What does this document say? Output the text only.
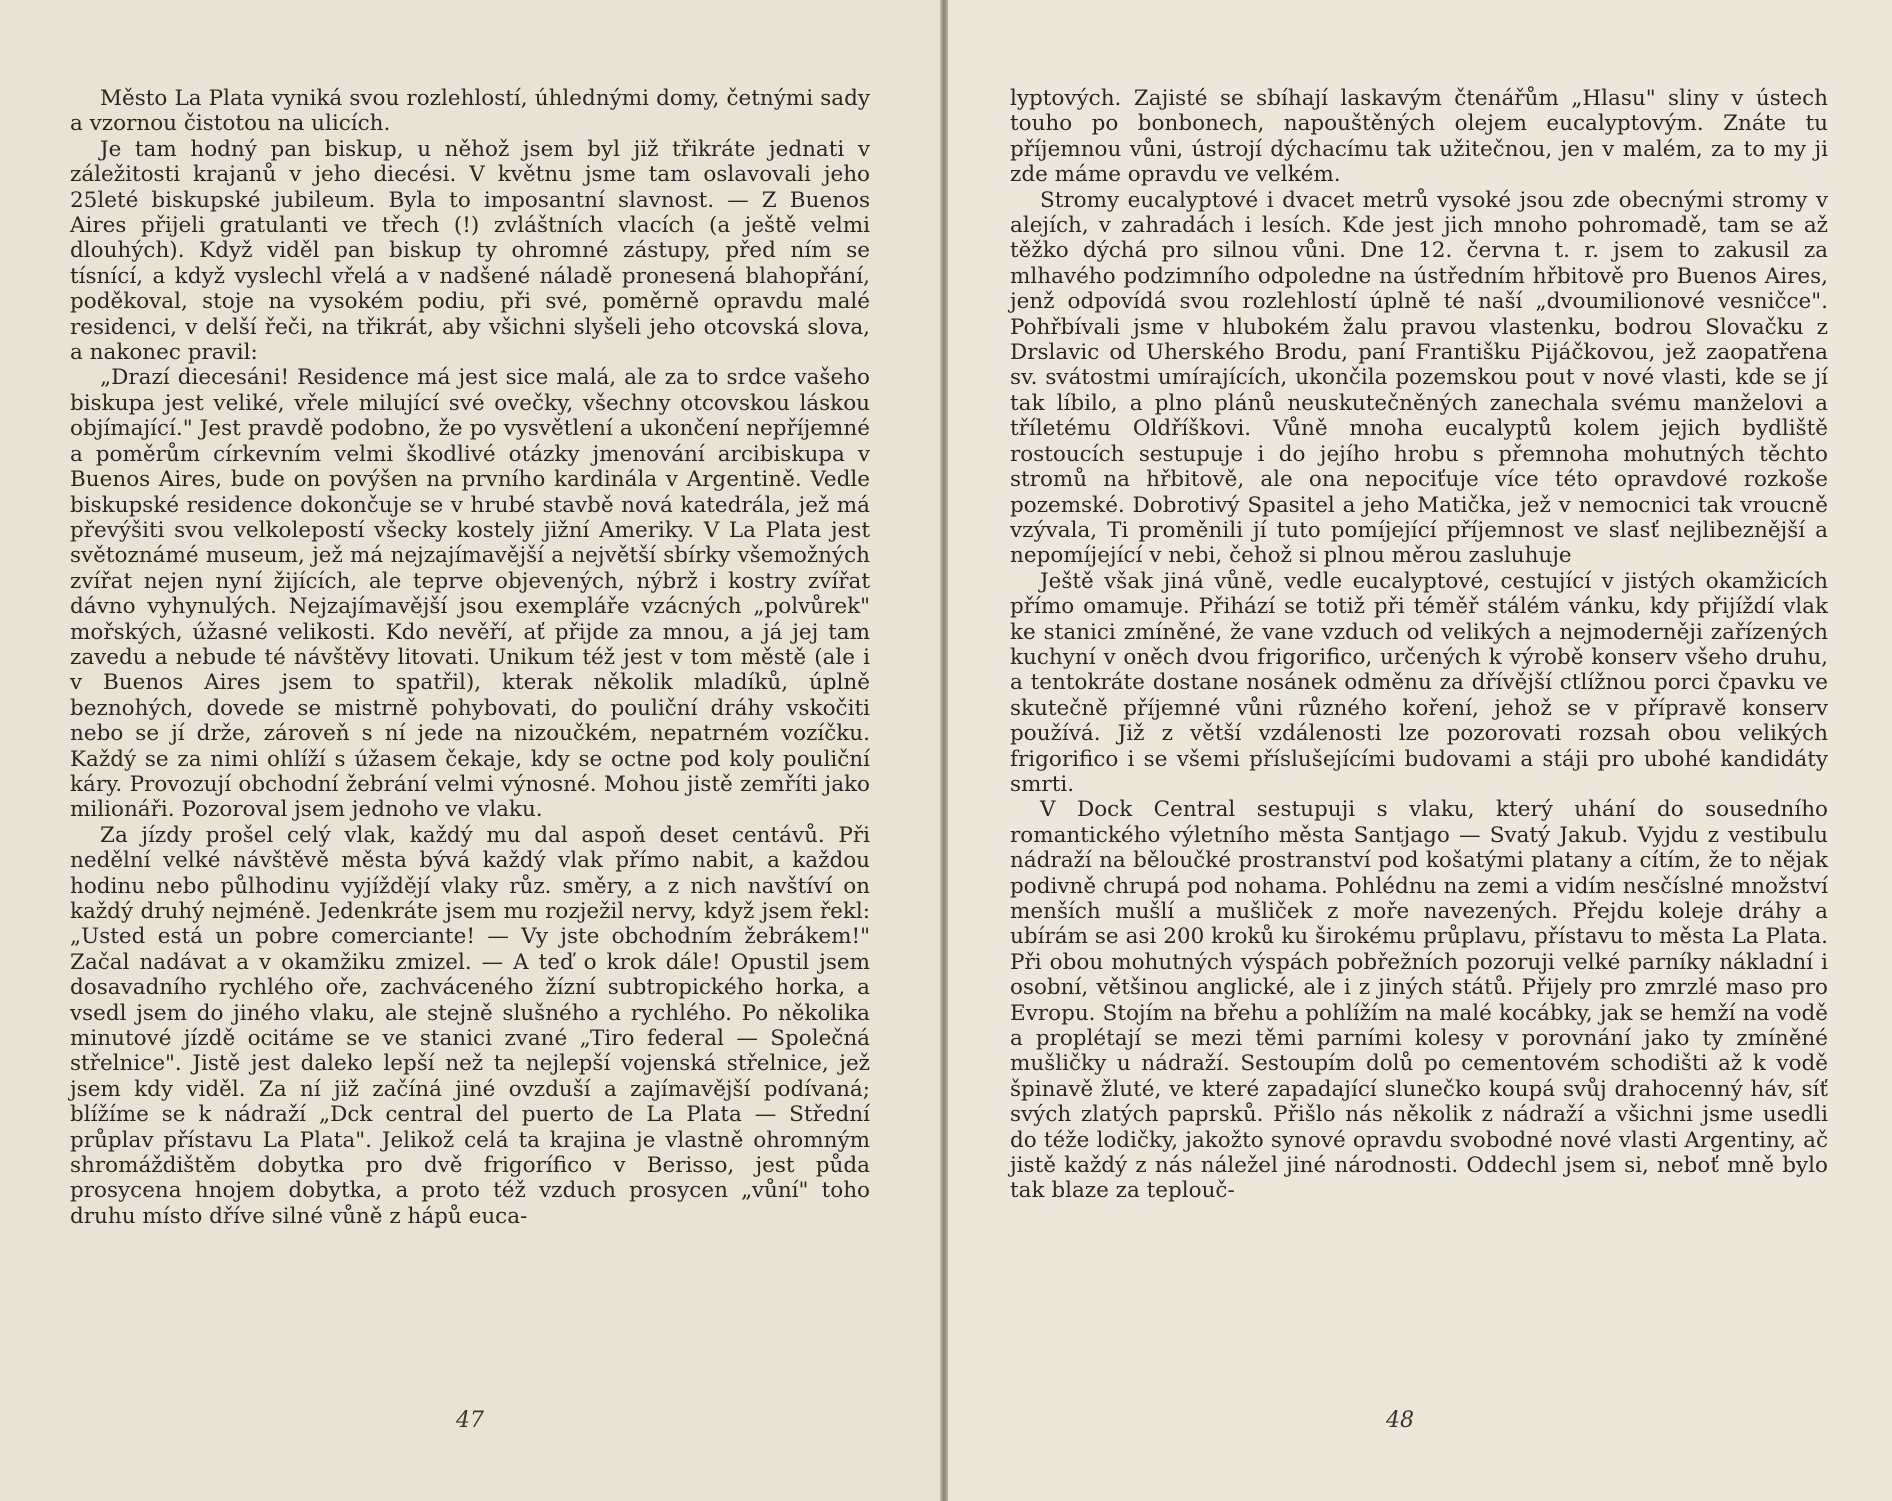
Město La Plata vyniká svou rozlehlostí, úhlednými domy, četnými sady a vzornou čistotou na ulicích.

Je tam hodný pan biskup, u něhož jsem byl již třikráte jednati v záležitosti krajanů v jeho diecési. V květnu jsme tam oslavovali jeho 25leté biskupské jubileum. Byla to imposantní slavnost. — Z Buenos Aires přijeli gratulanti ve třech (!) zvláštních vlacích (a ještě velmi dlouhých). Když viděl pan biskup ty ohromné zástupy, před ním se tísnící, a když vyslechl vřelá a v nadšené náladě pronesená blahopřání, poděkoval, stoje na vysokém podiu, při své, poměrně opravdu malé residenci, v delší řeči, na třikrát, aby všichni slyšeli jeho otcovská slova, a nakonec pravil:

„Drazí diecesáni! Residence má jest sice malá, ale za to srdce vašeho biskupa jest veliké, vřele milující své ovečky, všechny otcovskou láskou objímající." Jest pravdě podobno, že po vysvětlení a ukončení nepříjemné a poměrům církevním velmi škodlivé otázky jmenování arcibiskupa v Buenos Aires, bude on povýšen na prvního kardinála v Argentině. Vedle biskupské residence dokončuje se v hrubé stavbě nová katedrála, jež má převýšiti svou velkolepostí všecky kostely jižní Ameriky. V La Plata jest světoznámé museum, jež má nejzajímavější a největší sbírky všemožných zvířat nejen nyní žijících, ale teprve objevených, nýbrž i kostry zvířat dávno vyhynulých. Nejzajímavější jsou exempláře vzácných „polvůrek" mořských, úžasné velikosti. Kdo nevěří, ať přijde za mnou, a já jej tam zavedu a nebude té návštěvy litovati. Unikum též jest v tom městě (ale i v Buenos Aires jsem to spatřil), kterak několik mladíků, úplně beznohých, dovede se mistrně pohybovati, do pouliční dráhy vskočiti nebo se jí drže, zároveň s ní jede na nizoučkém, nepatrném vozíčku. Každý se za nimi ohlíží s úžasem čekaje, kdy se octne pod koly pouliční káry. Provozují obchodní žebrání velmi výnosné. Mohou jistě zemříti jako milionáři. Pozoroval jsem jednoho ve vlaku.

Za jízdy prošel celý vlak, každý mu dal aspoň deset centávů. Při nedělní velké návštěvě města bývá každý vlak přímo nabit, a každou hodinu nebo půlhodinu vyjíždějí vlaky růz. směry, a z nich navštíví on každý druhý nejméně. Jedenkráte jsem mu rozježil nervy, když jsem řekl: „Usted está un pobre comerciante! — Vy jste obchodním žebrákem!" Začal nadávat a v okamžiku zmizel. — A teď o krok dále! Opustil jsem dosavadního rychlého oře, zachváceného žízní subtropického horka, a vsedl jsem do jiného vlaku, ale stejně slušného a rychlého. Po několika minutové jízdě ocitáme se ve stanici zvané „Tiro federal — Společná střelnice". Jistě jest daleko lepší než ta nejlepší vojenská střelnice, jež jsem kdy viděl. Za ní již začíná jiné ovzduší a zajímavější podívaná; blížíme se k nádraží „Dck central del puerto de La Plata — Střední průplav přístavu La Plata". Jelikož celá ta krajina je vlastně ohromným shromáždištěm dobytka pro dvě frigorífico v Berisso, jest půda prosycena hnojem dobytka, a proto též vzduch prosycen „vůní" toho druhu místo dříve silné vůně z hápů euca-

47

lyptových. Zajisté se sbíhají laskavým čtenářům „Hlasu" sliny v ústech touho po bonbonech, napouštěných olejem eucalyptovým. Znáte tu příjemnou vůni, ústrojí dýchacímu tak užitečnou, jen v malém, za to my ji zde máme opravdu ve velkém.

Stromy eucalyptové i dvacet metrů vysoké jsou zde obecnými stromy v alejích, v zahradách i lesích. Kde jest jich mnoho pohromadě, tam se až těžko dýchá pro silnou vůni. Dne 12. června t. r. jsem to zakusil za mlhavého podzimního odpoledne na ústředním hřbitově pro Buenos Aires, jenž odpovídá svou rozlehlostí úplně té naší „dvoumilionové vesničce". Pohřbívali jsme v hlubokém žalu pravou vlastenku, bodrou Slovačku z Drslavic od Uherského Brodu, paní Františku Pijáčkovou, jež zaopatřena sv. svátostmi umírajících, ukončila pozemskou pout v nové vlasti, kde se jí tak líbilo, a plno plánů neuskutečněných zanechala svému manželovi a tříletému Oldříškovi. Vůně mnoha eucalyptů kolem jejich bydliště rostoucích sestupuje i do jejího hrobu s přemnoha mohutných těchto stromů na hřbitově, ale ona nepociťuje více této opravdové rozkoše pozemské. Dobrotivý Spasitel a jeho Matička, jež v nemocnici tak vroucně vzývala, Ti proměnili jí tuto pomíjející příjemnost ve slasť nejlibeznější a nepomíjející v nebi, čehož si plnou měrou zasluhuje

Ještě však jiná vůně, vedle eucalyptové, cestující v jistých okamžicích přímo omamuje. Přihází se totiž při téměř stálém vánku, kdy přijíždí vlak ke stanici zmíněné, že vane vzduch od velikých a nejmoderněji zařízených kuchyní v oněch dvou frigorifico, určených k výrobě konserv všeho druhu, a tentokráte dostane nosánek odměnu za dřívější ctlížnou porci čpavku ve skutečně příjemné vůni různého koření, jehož se v přípravě konserv používá. Již z větší vzdálenosti lze pozorovati rozsah obou velikých frigorifico i se všemi příslušejícími budovami a stáji pro ubohé kandidáty smrti.

V Dock Central sestupuji s vlaku, který uhání do sousedního romantického výletního města Santjago — Svatý Jakub. Vyjdu z vestibulu nádraží na běloučké prostranství pod košatými platany a cítím, že to nějak podivně chrupá pod nohama. Pohlédnu na zemi a vidím nesčíslné množství menších mušlí a mušliček z moře navezených. Přejdu koleje dráhy a ubírám se asi 200 kroků ku širokému průplavu, přístavu to města La Plata. Při obou mohutných výspách pobřežních pozoruji velké parníky nákladní i osobní, většinou anglické, ale i z jiných států. Přijely pro zmrzlé maso pro Evropu. Stojím na břehu a pohlížím na malé kocábky, jak se hemží na vodě a proplétají se mezi těmi parními kolesy v porovnání jako ty zmíněné mušličky u nádraží. Sestoupím dolů po cementovém schodišti až k vodě špinavě žluté, ve které zapadající slunečko koupá svůj drahocenný háv, síť svých zlatých paprsků. Přišlo nás několik z nádraží a všichni jsme usedli do téže lodičky, jakožto synové opravdu svobodné nové vlasti Argentiny, ač jistě každý z nás náležel jiné národnosti. Oddechl jsem si, neboť mně bylo tak blaze za teplouč-

48
